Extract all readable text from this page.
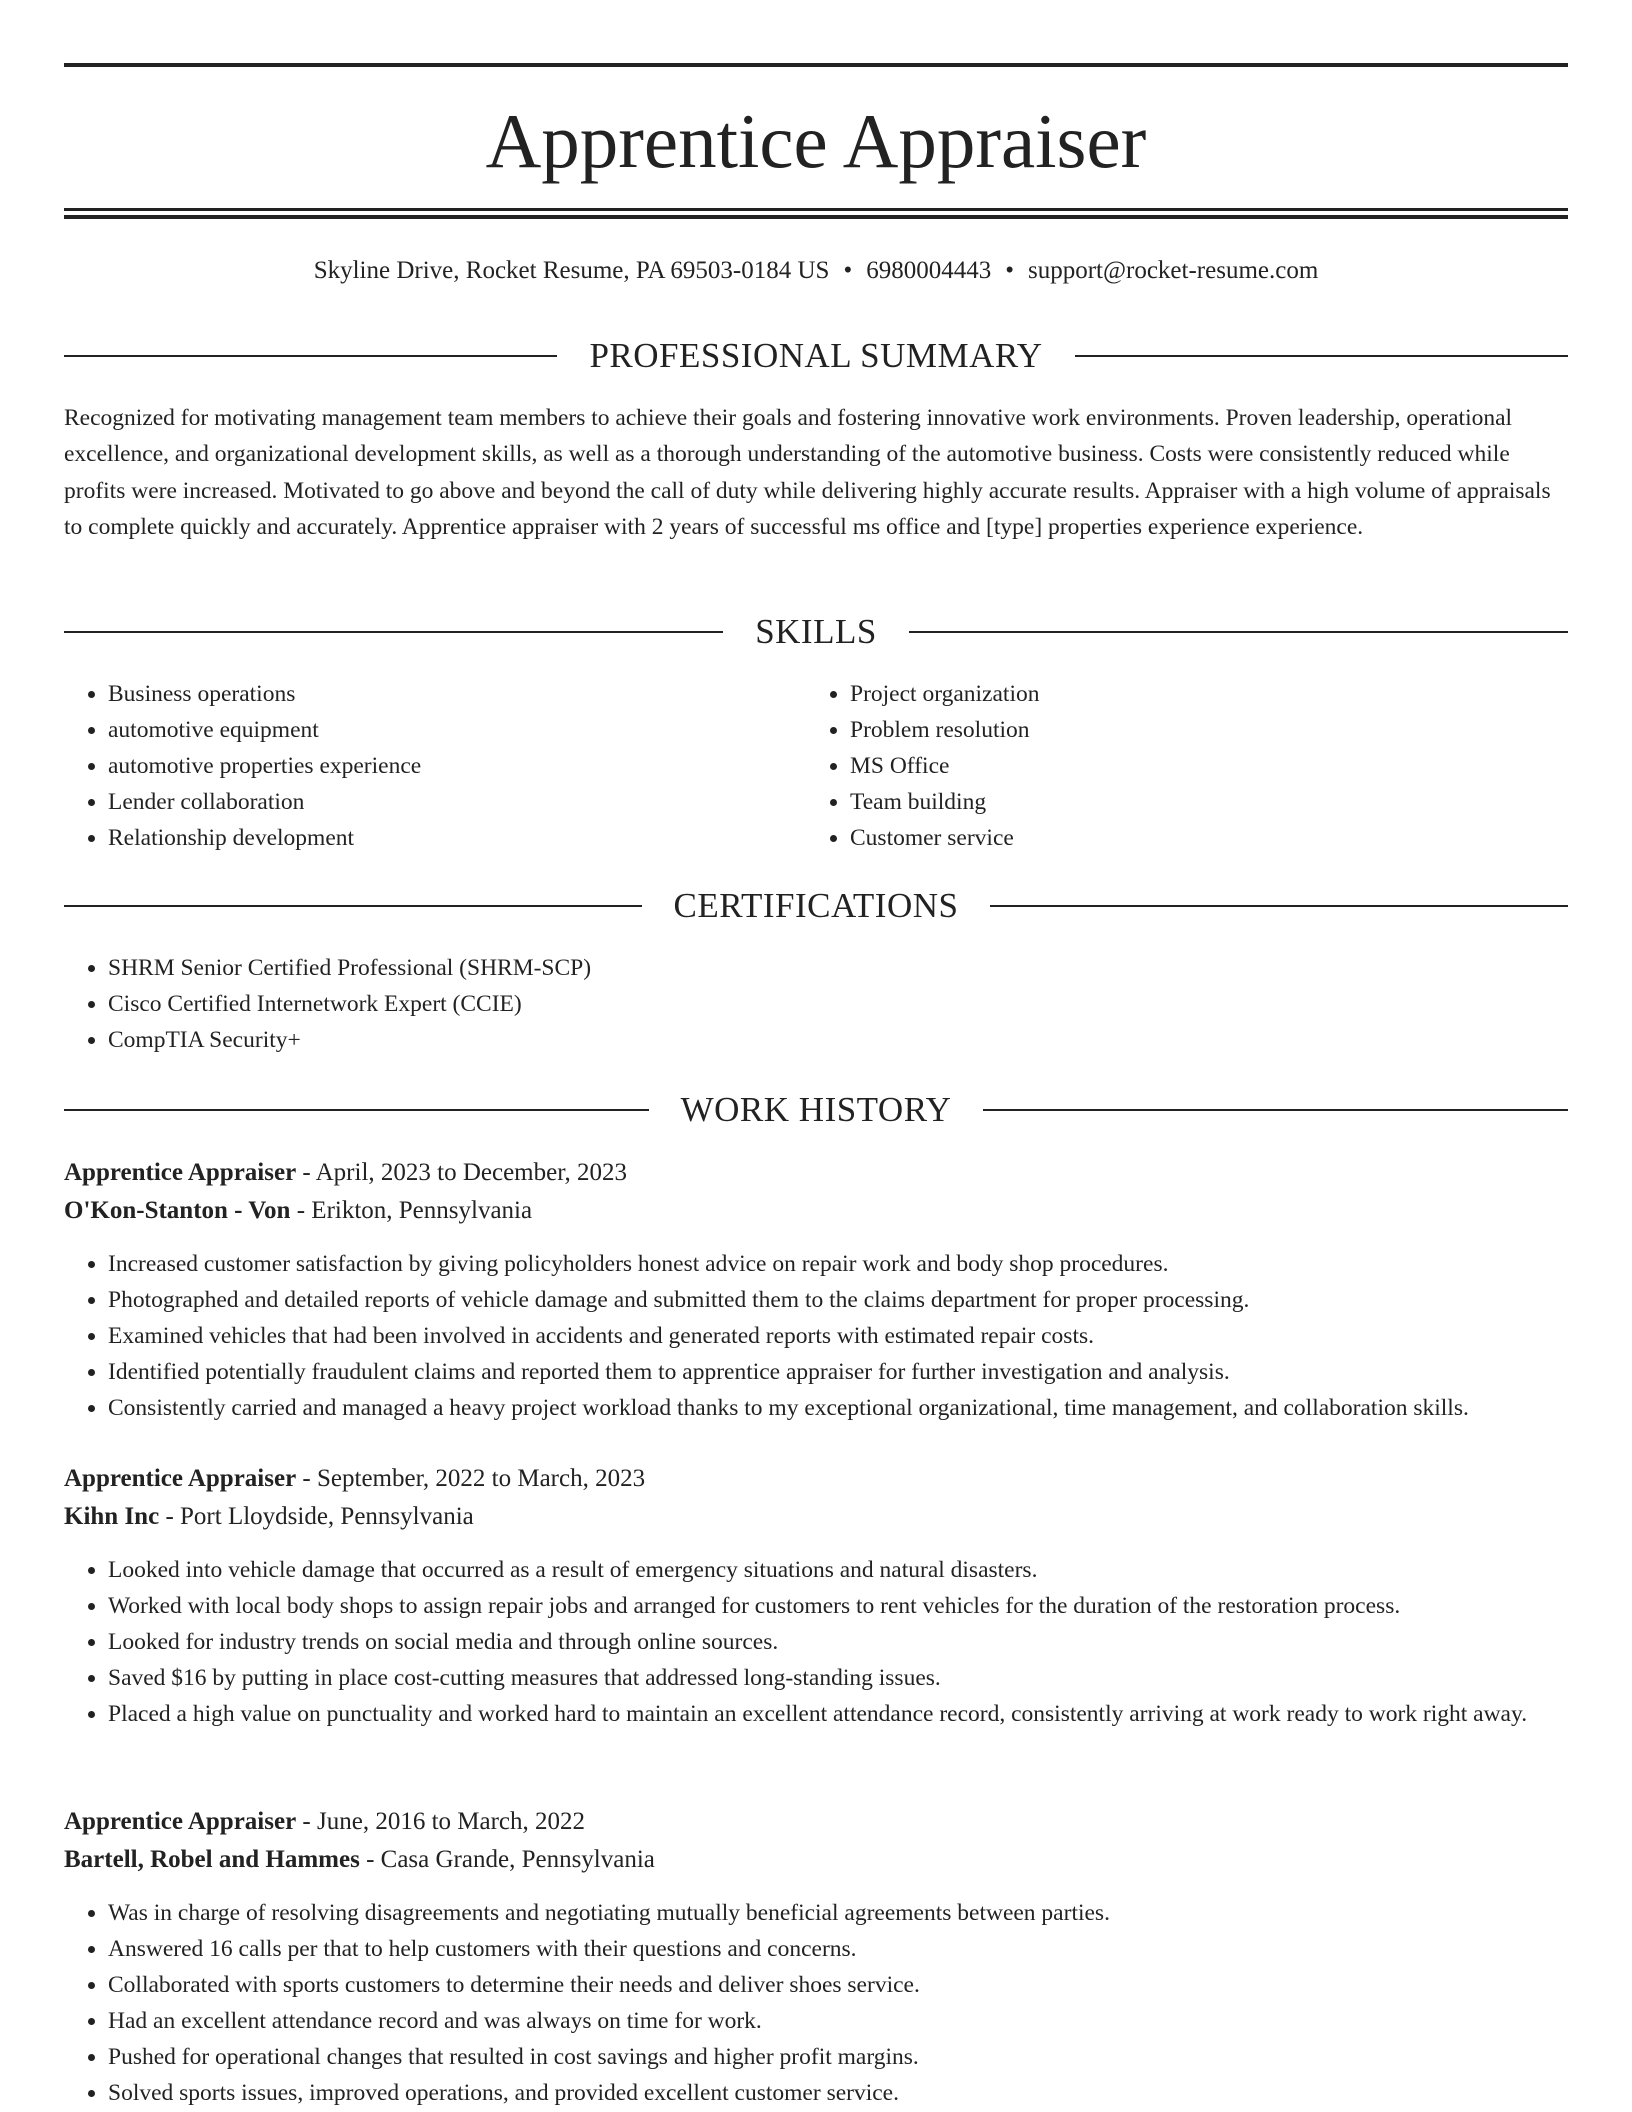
Apprentice Appraiser
Skyline Drive, Rocket Resume, PA 69503-0184 US • 6980004443 • support@rocket-resume.com
PROFESSIONAL SUMMARY

Recognized for motivating management team members to achieve their goals and fostering innovative work environments. Proven leadership, operational excellence, and organizational development skills, as well as a thorough understanding of the automotive business. Costs were consistently reduced while profits were increased. Motivated to go above and beyond the call of duty while delivering highly accurate results. Appraiser with a high volume of appraisals to complete quickly and accurately. Apprentice appraiser with 2 years of successful ms office and [type] properties experience experience.

SKILLS
• Business operations
• automotive equipment
• automotive properties experience
• Lender collaboration
• Relationship development
• Project organization
• Problem resolution
• MS Office
• Team building
• Customer service
CERTIFICATIONS
• SHRM Senior Certified Professional (SHRM-SCP)
• Cisco Certified Internetwork Expert (CCIE)
• CompTIA Security+
WORK HISTORY
Apprentice Appraiser - April, 2023 to December, 2023
O'Kon-Stanton - Von - Erikton, Pennsylvania
• Increased customer satisfaction by giving policyholders honest advice on repair work and body shop procedures.
• Photographed and detailed reports of vehicle damage and submitted them to the claims department for proper processing.
• Examined vehicles that had been involved in accidents and generated reports with estimated repair costs.
• Identified potentially fraudulent claims and reported them to apprentice appraiser for further investigation and analysis.
• Consistently carried and managed a heavy project workload thanks to my exceptional organizational, time management, and collaboration skills.
Apprentice Appraiser - September, 2022 to March, 2023
Kihn Inc - Port Lloydside, Pennsylvania
• Looked into vehicle damage that occurred as a result of emergency situations and natural disasters.
• Worked with local body shops to assign repair jobs and arranged for customers to rent vehicles for the duration of the restoration process.
• Looked for industry trends on social media and through online sources.
• Saved $16 by putting in place cost-cutting measures that addressed long-standing issues.
• Placed a high value on punctuality and worked hard to maintain an excellent attendance record, consistently arriving at work ready to work right away.
Apprentice Appraiser - June, 2016 to March, 2022
Bartell, Robel and Hammes - Casa Grande, Pennsylvania
• Was in charge of resolving disagreements and negotiating mutually beneficial agreements between parties.
• Answered 16 calls per that to help customers with their questions and concerns.
• Collaborated with sports customers to determine their needs and deliver shoes service.
• Had an excellent attendance record and was always on time for work.
• Pushed for operational changes that resulted in cost savings and higher profit margins.
• Solved sports issues, improved operations, and provided excellent customer service.
